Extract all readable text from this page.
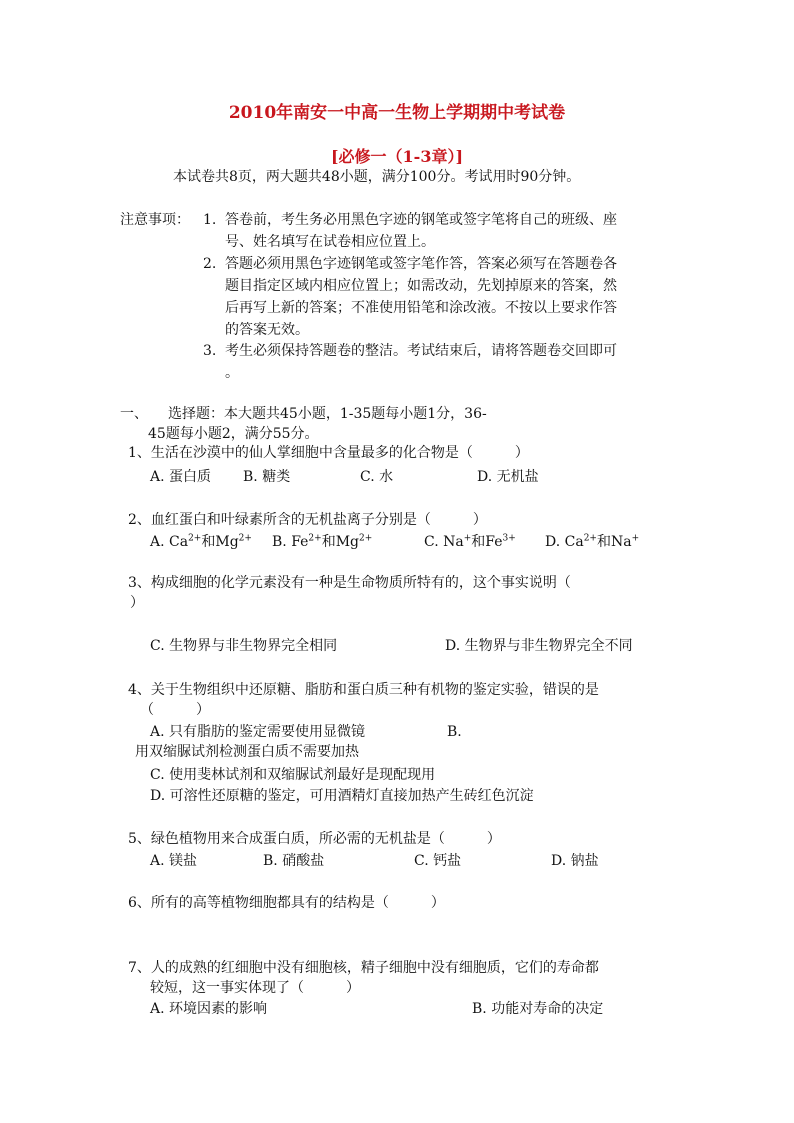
2010年南安一中高一生物上学期期中考试卷
[必修一（1-3章）]
本试卷共8页，两大题共48小题，满分100分。考试用时90分钟。
注意事项： 1. 答卷前，考生务必用黑色字迹的钢笔或签字笔将自己的班级、座
号、姓名填写在试卷相应位置上。
2. 答题必须用黑色字迹钢笔或签字笔作答，答案必须写在答题卷各
题目指定区域内相应位置上；如需改动，先划掉原来的答案，然
后再写上新的答案；不准使用铅笔和涂改液。不按以上要求作答
的答案无效。
3. 考生必须保持答题卷的整洁。考试结束后，请将答题卷交回即可
。
一、 选择题：本大题共45小题，1-35题每小题1分，36-
45题每小题2，满分55分。
1、生活在沙漠中的仙人掌细胞中含量最多的化合物是（　　　）
A. 蛋白质 B. 糖类	C. 水	D. 无机盐
2、血红蛋白和叶绿素所含的无机盐离子分别是（　　　）
A. $Ca^{2+}$和$Mg^{2+}$ B. $Fe^{2+}$和$Mg^{2+}$	C. Na+和$Fe^{3+}$ D. $Ca^{2+}$和Na+
3、构成细胞的化学元素没有一种是生命物质所特有的，这个事实说明（
）
C. 生物界与非生物界完全相同	D. 生物界与非生物界完全不同
4、关于生物组织中还原糖、脂肪和蛋白质三种有机物的鉴定实验，错误的是
（　　　）
A. 只有脂肪的鉴定需要使用显微镜	B.
用双缩脲试剂检测蛋白质不需要加热
C. 使用斐林试剂和双缩脲试剂最好是现配现用
D. 可溶性还原糖的鉴定，可用酒精灯直接加热产生砖红色沉淀
5、绿色植物用来合成蛋白质，所必需的无机盐是（　　　）
A. 镁盐	B. 硝酸盐	C. 钙盐	D. 钠盐
6、所有的高等植物细胞都具有的结构是（　　　）
7、人的成熟的红细胞中没有细胞核，精子细胞中没有细胞质，它们的寿命都
较短，这一事实体现了（　　　）
A. 环境因素的影响	B. 功能对寿命的决定
